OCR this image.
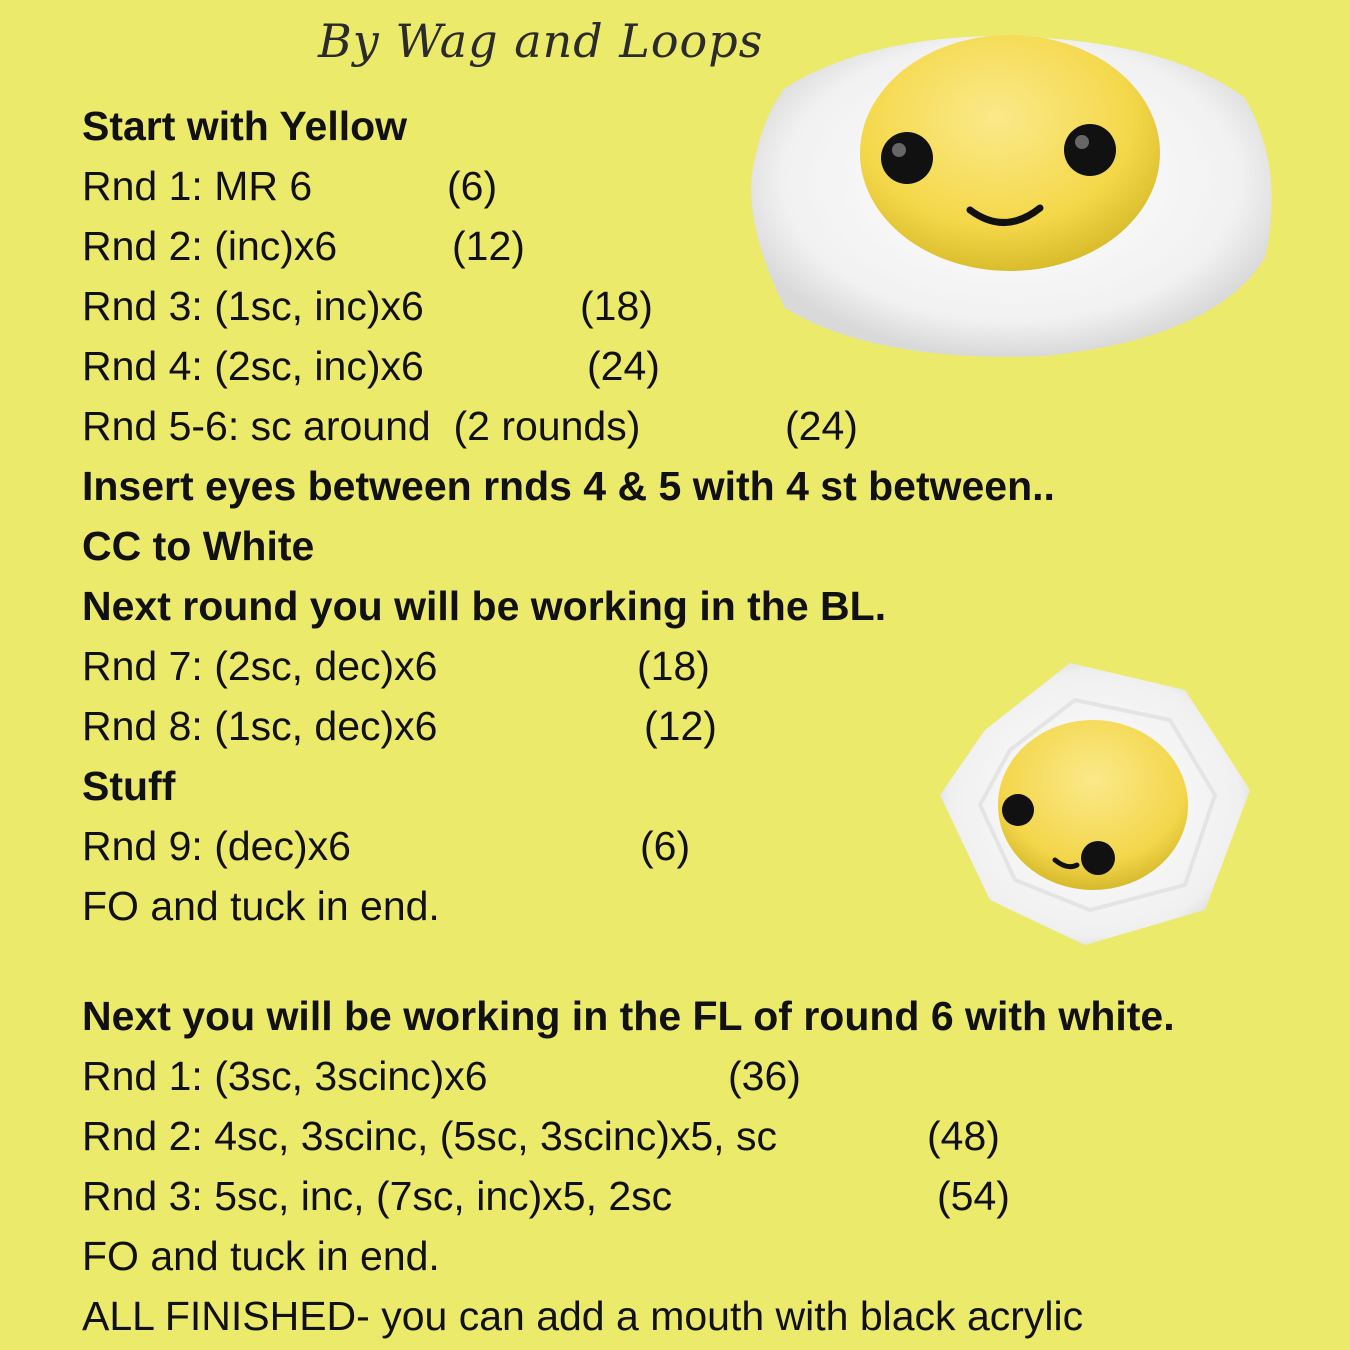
By Wag and Loops
Start with Yellow
Rnd 1: MR 6	(6)
Rnd 2: (inc)x6	(12)
Rnd 3: (1sc, inc)x6	(18)
Rnd 4: (2sc, inc)x6	(24)
Rnd 5-6: sc around  (2 rounds)	(24)
Insert eyes between rnds 4 & 5 with 4 st between..
CC to White
Next round you will be working in the BL.
Rnd 7: (2sc, dec)x6	(18)
Rnd 8: (1sc, dec)x6	(12)
Stuff
Rnd 9: (dec)x6	(6)
FO and tuck in end.
Next you will be working in the FL of round 6 with white.
Rnd 1: (3sc, 3scinc)x6	(36)
Rnd 2: 4sc, 3scinc, (5sc, 3scinc)x5, sc	(48)
Rnd 3: 5sc, inc, (7sc, inc)x5, 2sc	(54)
FO and tuck in end.
ALL FINISHED- you can add a mouth with black acrylic
